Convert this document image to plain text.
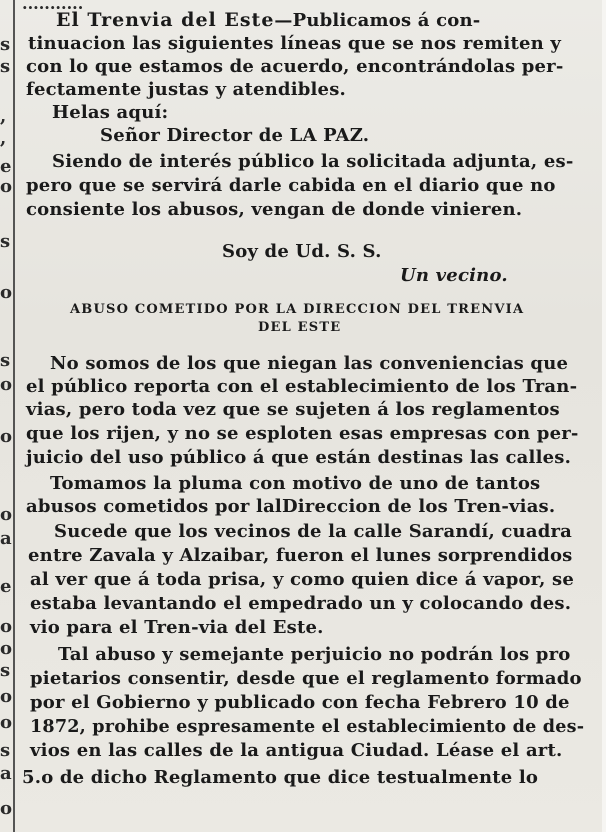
s
s
,
,
e
o
s
o
s
o
o
o
a
e
o
o
s
o
o
s
a
o
...........
El Trenvia del Este—Publicamos á con-
tinuacion las siguientes líneas que se nos remiten y
con lo que estamos de acuerdo, encontrándolas per-
fectamente justas y atendibles.
Helas aquí:
Señor Director de LA PAZ.
Siendo de interés público la solicitada adjunta, es-
pero que se servirá darle cabida en el diario que no
consiente los abusos, vengan de donde vinieren.
Soy de Ud. S. S.
Un vecino.
ABUSO COMETIDO POR LA DIRECCION DEL TRENVIA
DEL ESTE
No somos de los que niegan las conveniencias que
el público reporta con el establecimiento de los Tran-
vias, pero toda vez que se sujeten á los reglamentos
que los rijen, y no se esploten esas empresas con per-
juicio del uso público á que están destinas las calles.
Tomamos la pluma con motivo de uno de tantos
abusos cometidos por lalDireccion de los Tren-vias.
Sucede que los vecinos de la calle Sarandí, cuadra
entre Zavala y Alzaibar, fueron el lunes sorprendidos
al ver que á toda prisa, y como quien dice á vapor, se
estaba levantando el empedrado un y colocando des.
vio para el Tren-via del Este.
Tal abuso y semejante perjuicio no podrán los pro
pietarios consentir, desde que el reglamento formado
por el Gobierno y publicado con fecha Febrero 10 de
1872, prohibe espresamente el establecimiento de des-
vios en las calles de la antigua Ciudad. Léase el art.
5.o de dicho Reglamento que dice testualmente lo
